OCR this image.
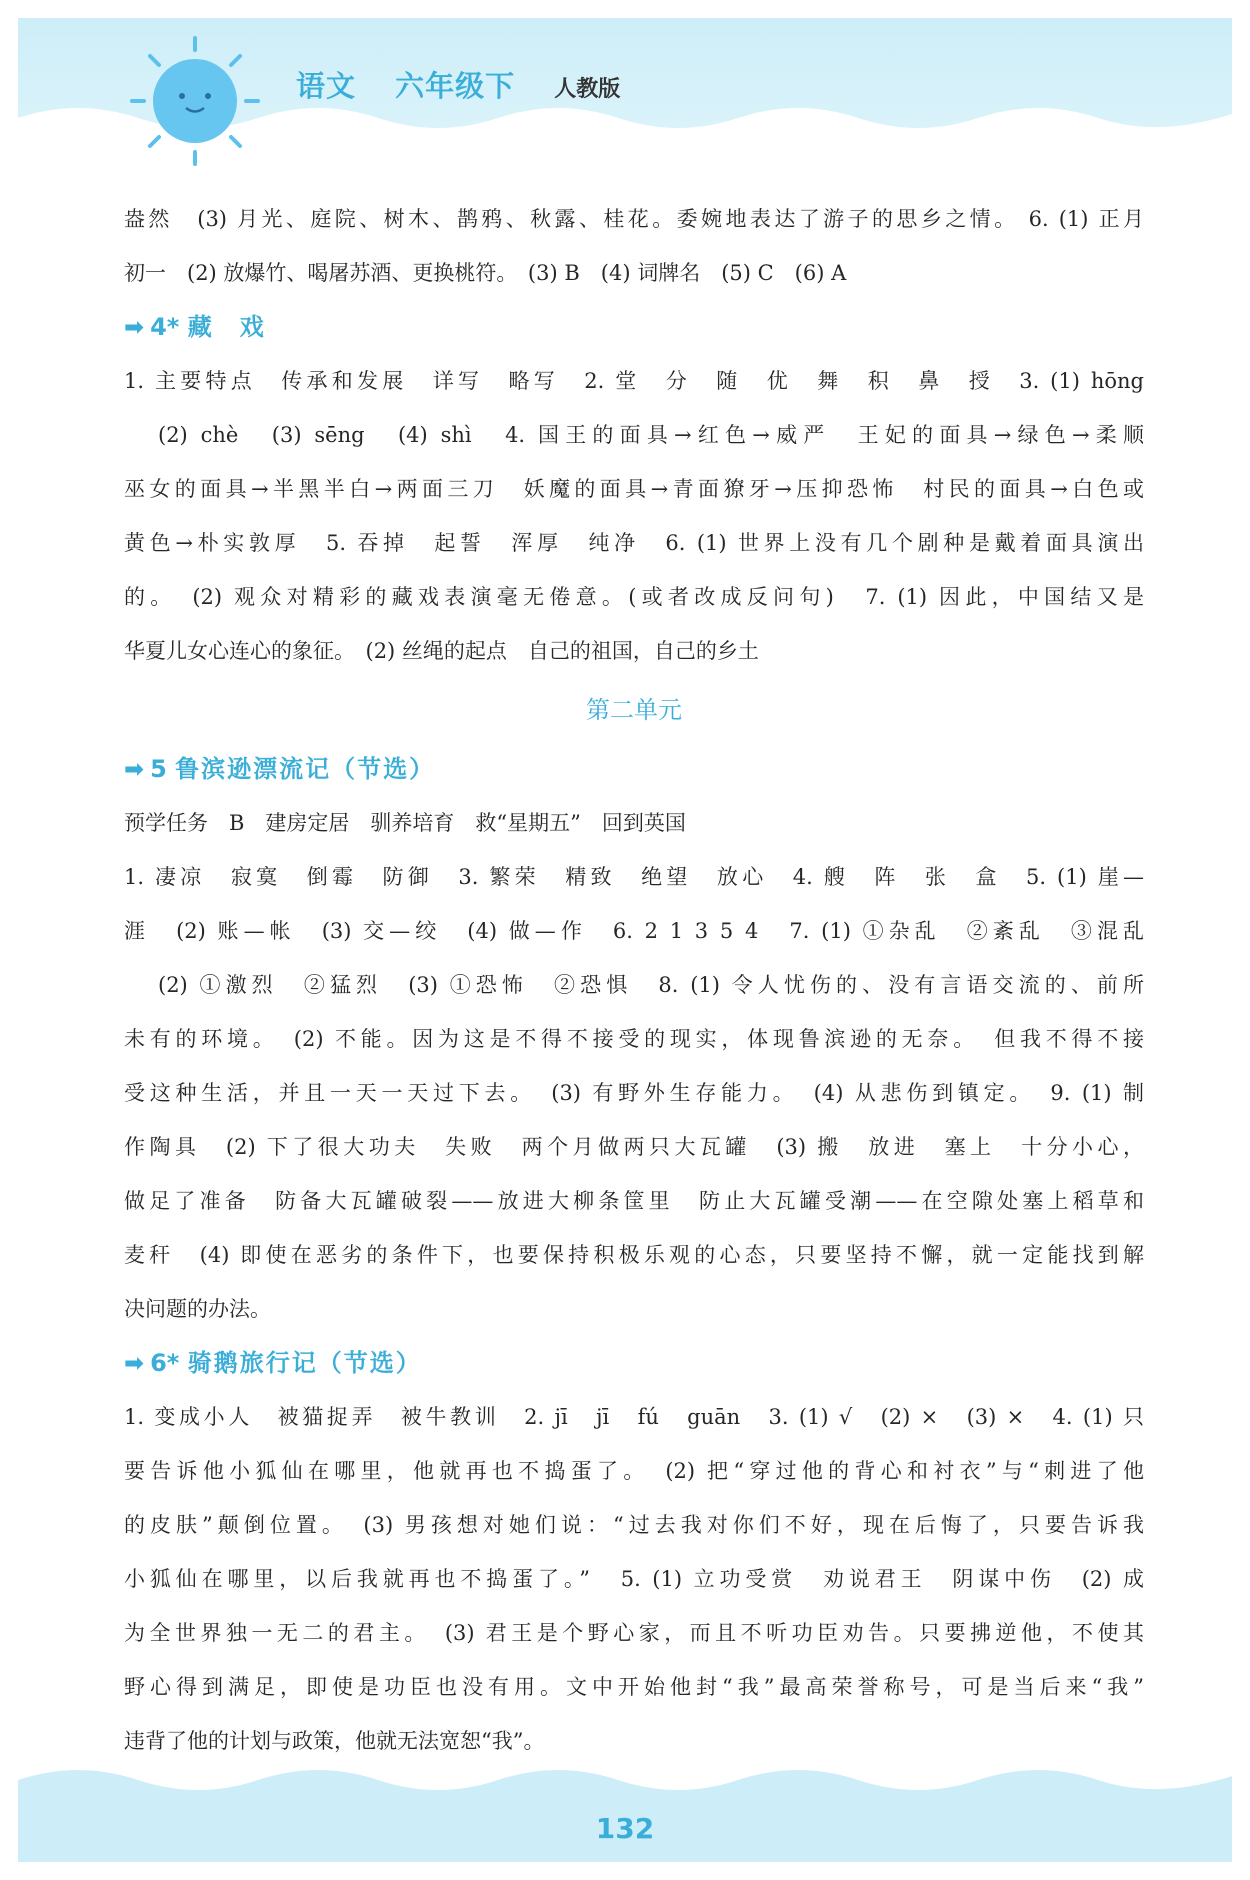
语文 六年级下 人教版
盎然　(3) 月光、庭院、树木、鹊鸦、秋露、桂花。委婉地表达了游子的思乡之情。 6. (1) 正月
初一　(2) 放爆竹、喝屠苏酒、更换桃符。　(3) B　(4) 词牌名　(5) C　(6) A
➡ 4* 藏　戏
1. 主要特点　传承和发展　详写　略写　2. 堂　分　随　优　舞　积　鼻　授　3. (1) hōng
(2) chè　(3) sēng　(4) shì　4. 国王的面具→红色→威严　王妃的面具→绿色→柔顺
巫女的面具→半黑半白→两面三刀　妖魔的面具→青面獠牙→压抑恐怖　村民的面具→白色或
黄色→朴实敦厚　5. 吞掉　起誓　浑厚　纯净　6. (1) 世界上没有几个剧种是戴着面具演出
的。　(2) 观众对精彩的藏戏表演毫无倦意。(或者改成反问句)　7. (1) 因此，中国结又是
华夏儿女心连心的象征。　(2) 丝绳的起点　自己的祖国，自己的乡土
第二单元
➡ 5 鲁滨逊漂流记（节选）
预学任务　B　建房定居　驯养培育　救“星期五”　回到英国
1. 凄凉　寂寞　倒霉　防御　3. 繁荣　精致　绝望　放心　4. 艘　阵　张　盒　5. (1) 崖—
涯　(2) 账—帐　(3) 交—绞　(4) 做—作　6. 2 1 3 5 4　7. (1) ①杂乱　②紊乱　③混乱
(2) ①激烈　②猛烈　(3) ①恐怖　②恐惧　8. (1) 令人忧伤的、没有言语交流的、前所
未有的环境。　(2) 不能。因为这是不得不接受的现实，体现鲁滨逊的无奈。　但我不得不接
受这种生活，并且一天一天过下去。　(3) 有野外生存能力。　(4) 从悲伤到镇定。　9. (1) 制
作陶具　(2) 下了很大功夫　失败　两个月做两只大瓦罐　(3) 搬　放进　塞上　十分小心，
做足了准备　防备大瓦罐破裂——放进大柳条筐里　防止大瓦罐受潮——在空隙处塞上稻草和
麦秆　(4) 即使在恶劣的条件下，也要保持积极乐观的心态，只要坚持不懈，就一定能找到解
决问题的办法。
➡ 6* 骑鹅旅行记（节选）
1. 变成小人　被猫捉弄　被牛教训　2. jī　jī　fú　guān　3. (1) √　(2) ×　(3) ×　4. (1) 只
要告诉他小狐仙在哪里，他就再也不捣蛋了。　(2) 把“穿过他的背心和衬衣”与“刺进了他
的皮肤”颠倒位置。　(3) 男孩想对她们说：“过去我对你们不好，现在后悔了，只要告诉我
小狐仙在哪里，以后我就再也不捣蛋了。”　5. (1) 立功受赏　劝说君王　阴谋中伤　(2) 成
为全世界独一无二的君主。　(3) 君王是个野心家，而且不听功臣劝告。只要拂逆他，不使其
野心得到满足，即使是功臣也没有用。文中开始他封“我”最高荣誉称号，可是当后来“我”
违背了他的计划与政策，他就无法宽恕“我”。
132
